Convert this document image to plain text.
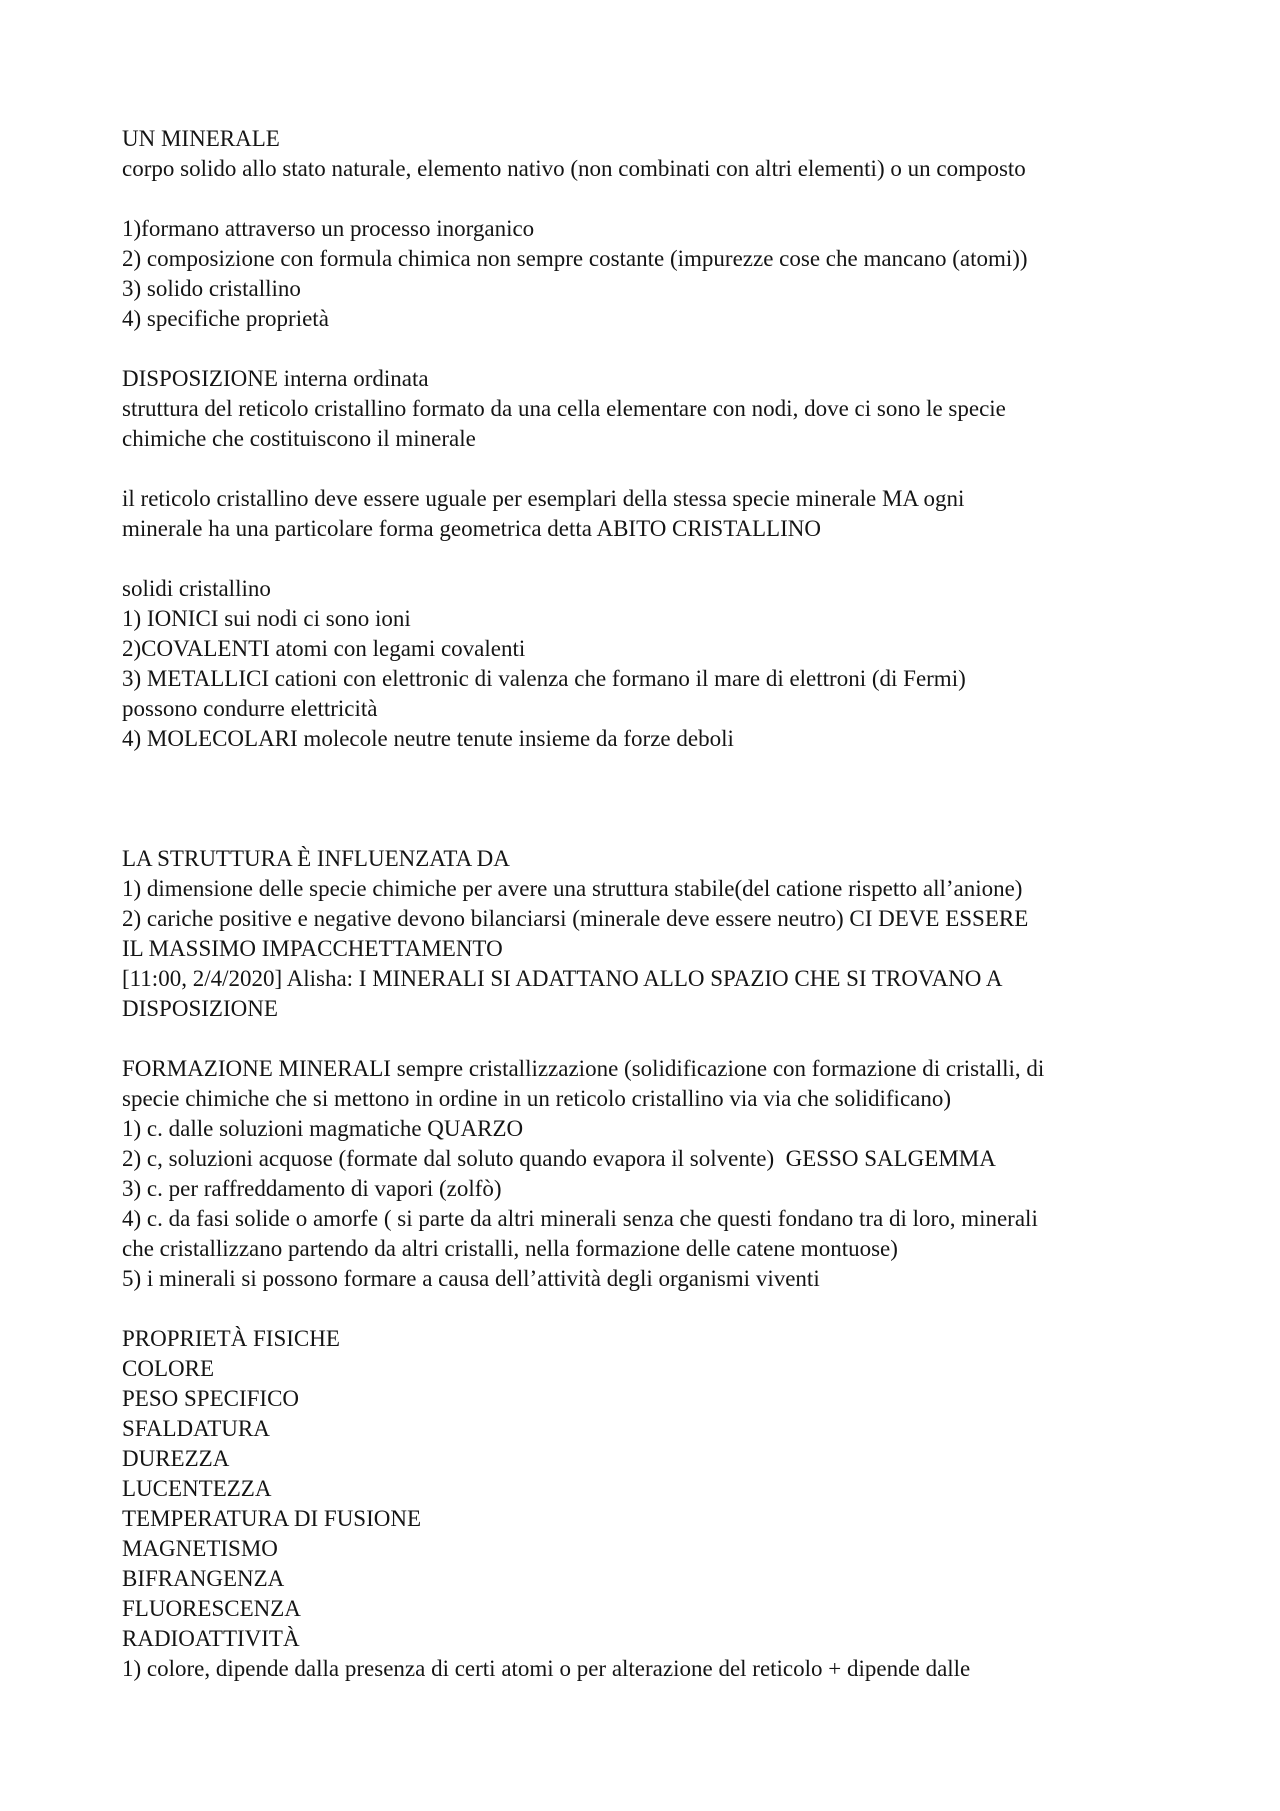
UN MINERALE
corpo solido allo stato naturale, elemento nativo (non combinati con altri elementi) o un composto
1)formano attraverso un processo inorganico
2) composizione con formula chimica non sempre costante (impurezze cose che mancano (atomi))
3) solido cristallino
4) specifiche proprietà
DISPOSIZIONE interna ordinata
struttura del reticolo cristallino formato da una cella elementare con nodi, dove ci sono le specie
chimiche che costituiscono il minerale
il reticolo cristallino deve essere uguale per esemplari della stessa specie minerale MA ogni
minerale ha una particolare forma geometrica detta ABITO CRISTALLINO
solidi cristallino
1) IONICI sui nodi ci sono ioni
2)COVALENTI atomi con legami covalenti
3) METALLICI cationi con elettronic di valenza che formano il mare di elettroni (di Fermi)
possono condurre elettricità
4) MOLECOLARI molecole neutre tenute insieme da forze deboli
LA STRUTTURA È INFLUENZATA DA
1) dimensione delle specie chimiche per avere una struttura stabile(del catione rispetto all’anione)
2) cariche positive e negative devono bilanciarsi (minerale deve essere neutro) CI DEVE ESSERE
IL MASSIMO IMPACCHETTAMENTO
[11:00, 2/4/2020] Alisha: I MINERALI SI ADATTANO ALLO SPAZIO CHE SI TROVANO A
DISPOSIZIONE
FORMAZIONE MINERALI sempre cristallizzazione (solidificazione con formazione di cristalli, di
specie chimiche che si mettono in ordine in un reticolo cristallino via via che solidificano)
1) c. dalle soluzioni magmatiche QUARZO
2) c, soluzioni acquose (formate dal soluto quando evapora il solvente)  GESSO SALGEMMA
3) c. per raffreddamento di vapori (zolfò)
4) c. da fasi solide o amorfe ( si parte da altri minerali senza che questi fondano tra di loro, minerali
che cristallizzano partendo da altri cristalli, nella formazione delle catene montuose)
5) i minerali si possono formare a causa dell’attività degli organismi viventi
PROPRIETÀ FISICHE
COLORE
PESO SPECIFICO
SFALDATURA
DUREZZA
LUCENTEZZA
TEMPERATURA DI FUSIONE
MAGNETISMO
BIFRANGENZA
FLUORESCENZA
RADIOATTIVITÀ
1) colore, dipende dalla presenza di certi atomi o per alterazione del reticolo + dipende dalle
